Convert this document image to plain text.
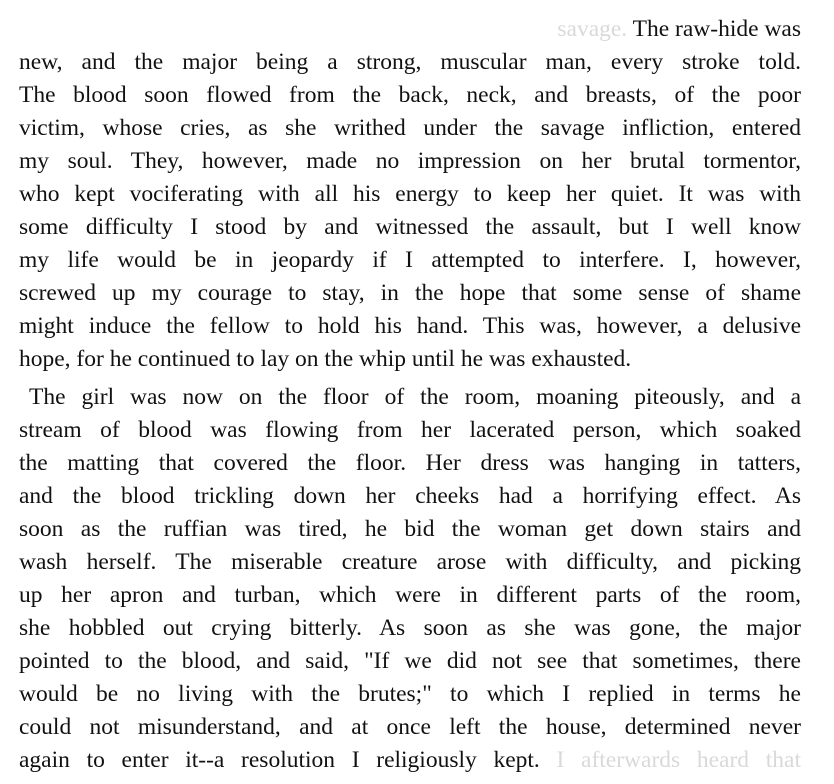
savage. The raw-hide was
new, and the major being a strong, muscular man, every stroke told.
The blood soon flowed from the back, neck, and breasts, of the poor
victim, whose cries, as she writhed under the savage infliction, entered
my soul. They, however, made no impression on her brutal tormentor,
who kept vociferating with all his energy to keep her quiet. It was with
some difficulty I stood by and witnessed the assault, but I well know
my life would be in jeopardy if I attempted to interfere. I, however,
screwed up my courage to stay, in the hope that some sense of shame
might induce the fellow to hold his hand. This was, however, a delusive
hope, for he continued to lay on the whip until he was exhausted.
The girl was now on the floor of the room, moaning piteously, and a
stream of blood was flowing from her lacerated person, which soaked
the matting that covered the floor. Her dress was hanging in tatters,
and the blood trickling down her cheeks had a horrifying effect. As
soon as the ruffian was tired, he bid the woman get down stairs and
wash herself. The miserable creature arose with difficulty, and picking
up her apron and turban, which were in different parts of the room,
she hobbled out crying bitterly. As soon as she was gone, the major
pointed to the blood, and said, "If we did not see that sometimes, there
would be no living with the brutes;" to which I replied in terms he
could not misunderstand, and at once left the house, determined never
again to enter it--a resolution I religiously kept. I afterwards heard that
